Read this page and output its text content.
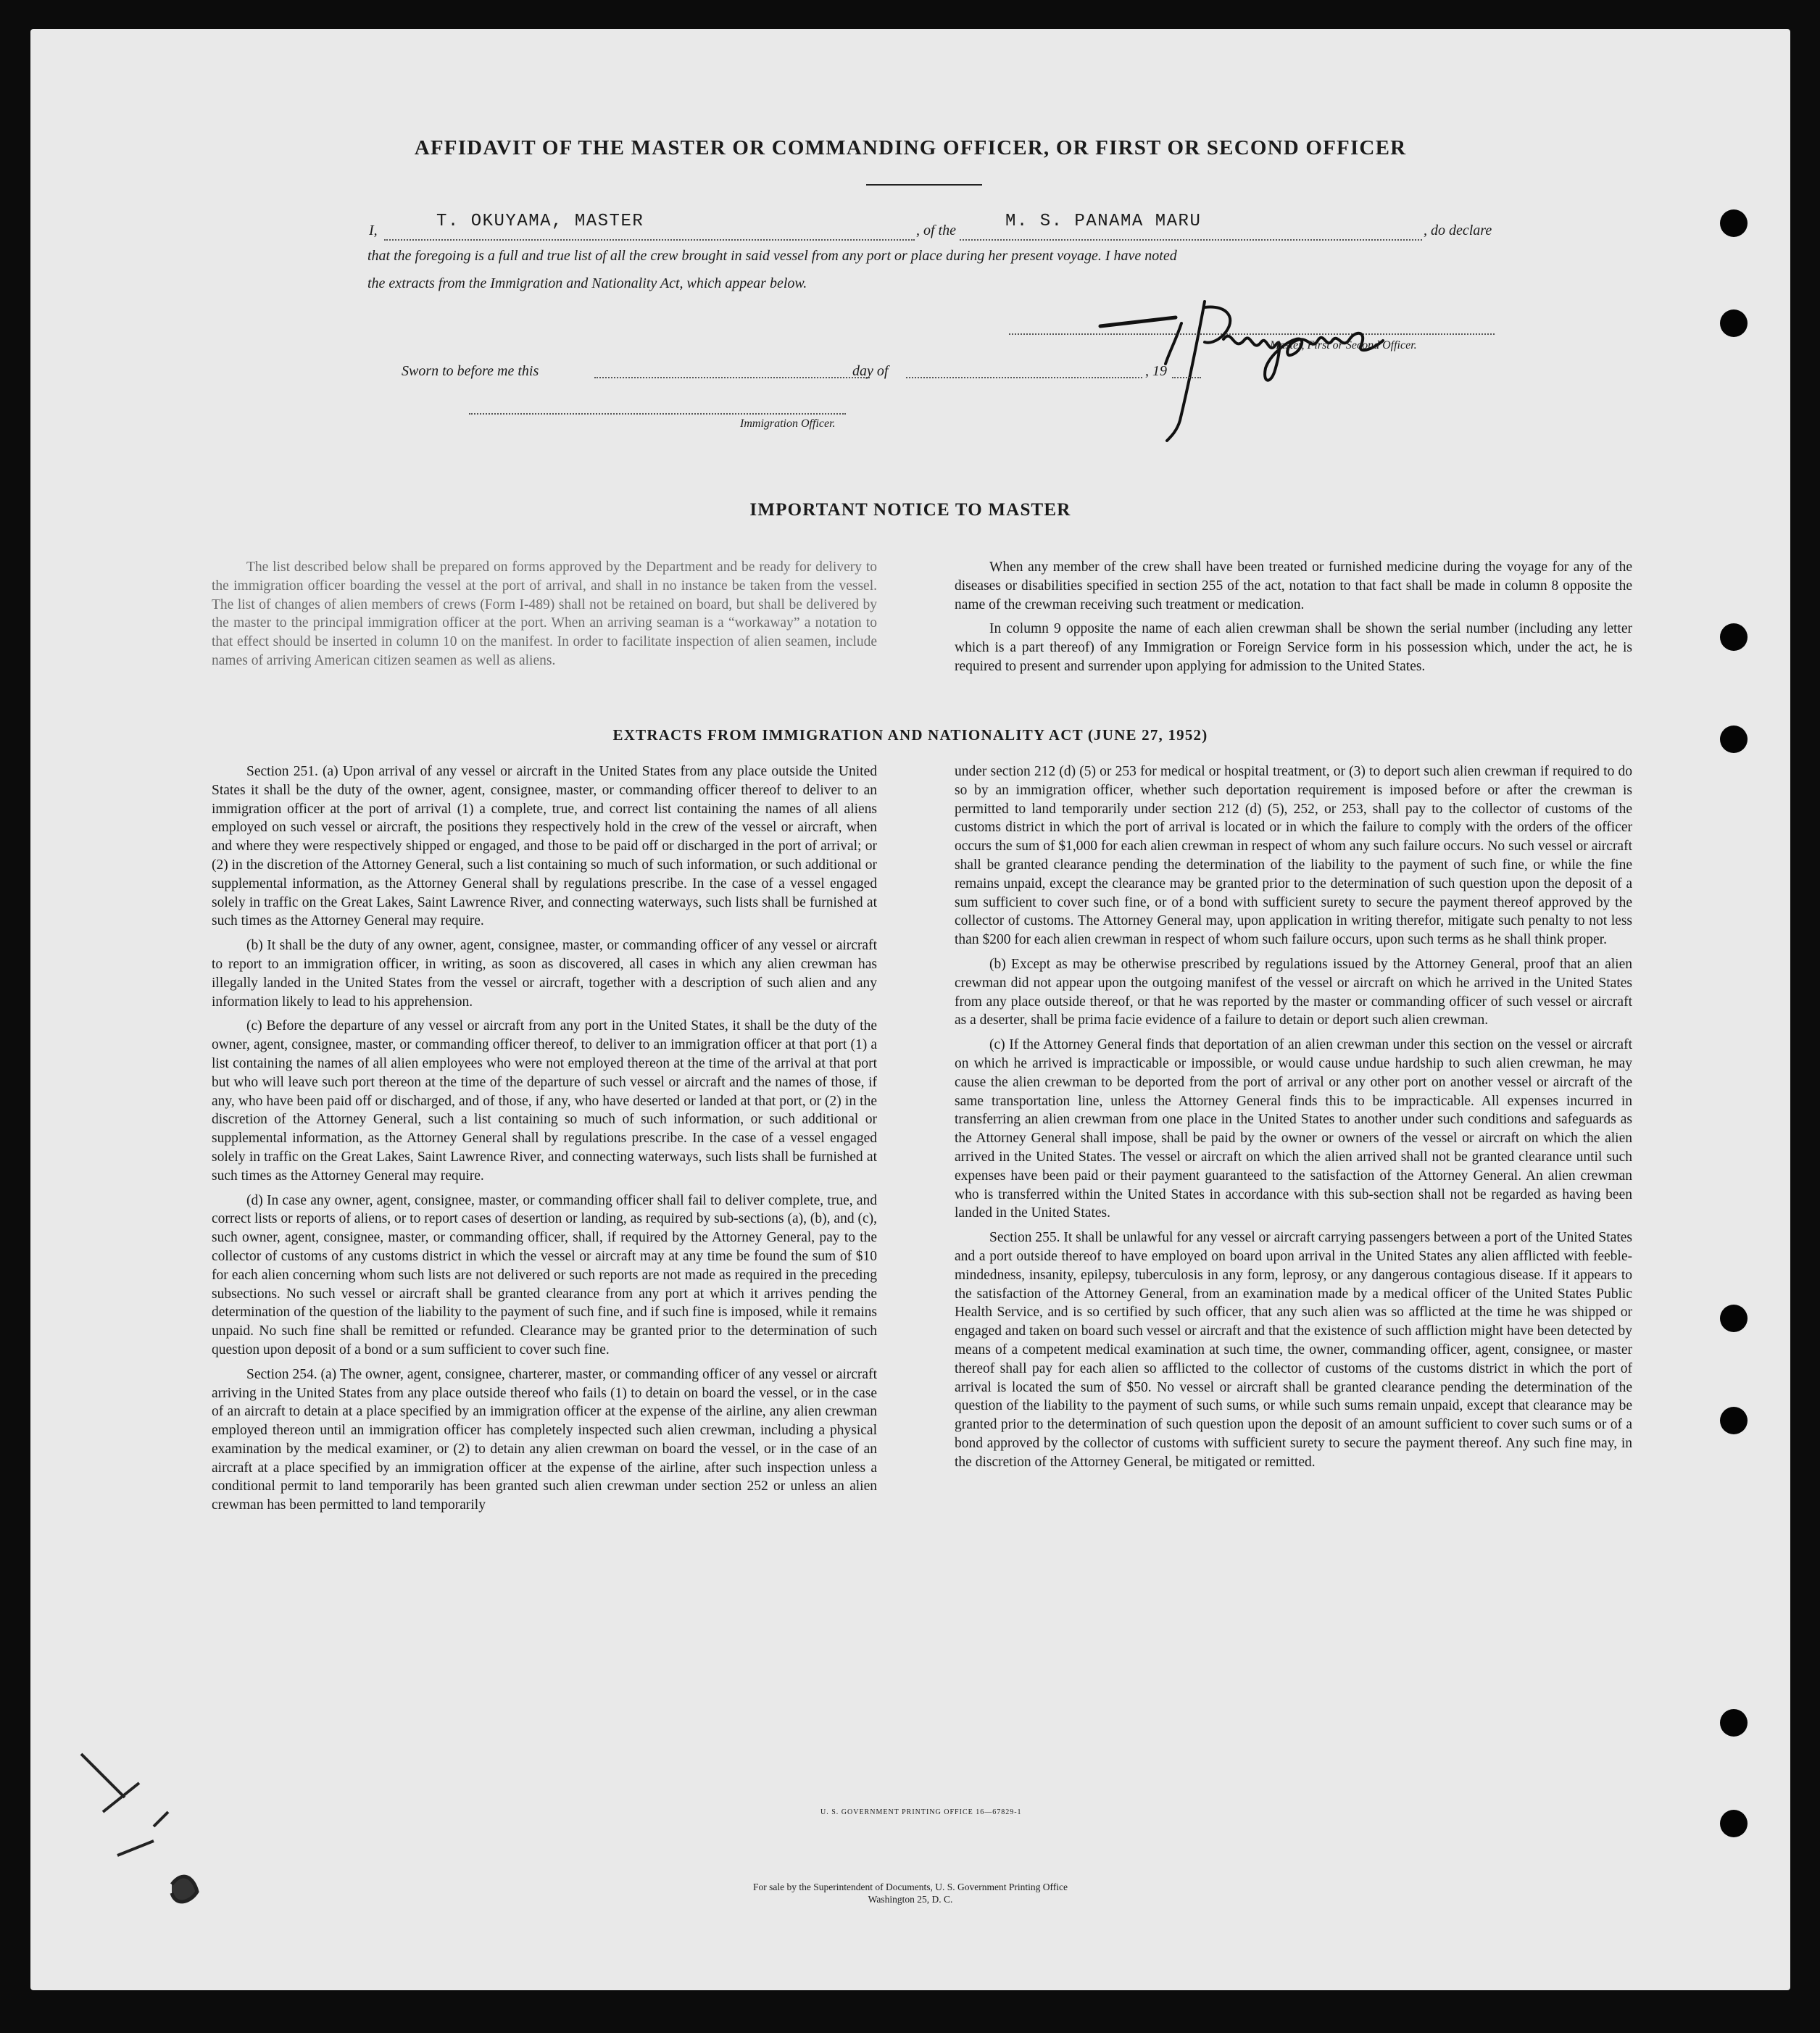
AFFIDAVIT OF THE MASTER OR COMMANDING OFFICER, OR FIRST OR SECOND OFFICER
I,	T. OKUYAMA, MASTER	, of the	M. S. PANAMA MARU	, do declare
that the foregoing is a full and true list of all the crew brought in said vessel from any port or place during her present voyage. I have noted
the extracts from the Immigration and Nationality Act, which appear below.
Master, First or Second Officer.
Sworn to before me this	day of	, 19
Immigration Officer.
IMPORTANT NOTICE TO MASTER

The list described below shall be prepared on forms approved by the Department and be ready for delivery to the immigration officer boarding the vessel at the port of arrival, and shall in no instance be taken from the vessel. The list of changes of alien members of crews (Form I-489) shall not be retained on board, but shall be delivered by the master to the principal immigration officer at the port. When an arriving seaman is a “workaway” a notation to that effect should be inserted in column 10 on the manifest. In order to facilitate inspection of alien seamen, include names of arriving American citizen seamen as well as aliens.

When any member of the crew shall have been treated or furnished medicine during the voyage for any of the diseases or disabilities specified in section 255 of the act, notation to that fact shall be made in column 8 opposite the name of the crewman receiving such treatment or medication.

In column 9 opposite the name of each alien crewman shall be shown the serial number (including any letter which is a part thereof) of any Immigration or Foreign Service form in his possession which, under the act, he is required to present and surrender upon applying for admission to the United States.

EXTRACTS FROM IMMIGRATION AND NATIONALITY ACT (JUNE 27, 1952)

Section 251. (a) Upon arrival of any vessel or aircraft in the United States from any place outside the United States it shall be the duty of the owner, agent, consignee, master, or commanding officer thereof to deliver to an immigration officer at the port of arrival (1) a complete, true, and correct list containing the names of all aliens employed on such vessel or aircraft, the positions they respectively hold in the crew of the vessel or aircraft, when and where they were respectively shipped or engaged, and those to be paid off or discharged in the port of arrival; or (2) in the discretion of the Attorney General, such a list containing so much of such information, or such additional or supplemental information, as the Attorney General shall by regulations prescribe. In the case of a vessel engaged solely in traffic on the Great Lakes, Saint Lawrence River, and connecting waterways, such lists shall be furnished at such times as the Attorney General may require.

(b) It shall be the duty of any owner, agent, consignee, master, or commanding officer of any vessel or aircraft to report to an immigration officer, in writing, as soon as discovered, all cases in which any alien crewman has illegally landed in the United States from the vessel or aircraft, together with a description of such alien and any information likely to lead to his apprehension.

(c) Before the departure of any vessel or aircraft from any port in the United States, it shall be the duty of the owner, agent, consignee, master, or commanding officer thereof, to deliver to an immigration officer at that port (1) a list containing the names of all alien employees who were not employed thereon at the time of the arrival at that port but who will leave such port thereon at the time of the departure of such vessel or aircraft and the names of those, if any, who have been paid off or discharged, and of those, if any, who have deserted or landed at that port, or (2) in the discretion of the Attorney General, such a list containing so much of such information, or such additional or supplemental information, as the Attorney General shall by regulations prescribe. In the case of a vessel engaged solely in traffic on the Great Lakes, Saint Lawrence River, and connecting waterways, such lists shall be furnished at such times as the Attorney General may require.

(d) In case any owner, agent, consignee, master, or commanding officer shall fail to deliver complete, true, and correct lists or reports of aliens, or to report cases of desertion or landing, as required by sub-sections (a), (b), and (c), such owner, agent, consignee, master, or commanding officer, shall, if required by the Attorney General, pay to the collector of customs of any customs district in which the vessel or aircraft may at any time be found the sum of $10 for each alien concerning whom such lists are not delivered or such reports are not made as required in the preceding subsections. No such vessel or aircraft shall be granted clearance from any port at which it arrives pending the determination of the question of the liability to the payment of such fine, and if such fine is imposed, while it remains unpaid. No such fine shall be remitted or refunded. Clearance may be granted prior to the determination of such question upon deposit of a bond or a sum sufficient to cover such fine.

Section 254. (a) The owner, agent, consignee, charterer, master, or commanding officer of any vessel or aircraft arriving in the United States from any place outside thereof who fails (1) to detain on board the vessel, or in the case of an aircraft to detain at a place specified by an immigration officer at the expense of the airline, any alien crewman employed thereon until an immigration officer has completely inspected such alien crewman, including a physical examination by the medical examiner, or (2) to detain any alien crewman on board the vessel, or in the case of an aircraft at a place specified by an immigration officer at the expense of the airline, after such inspection unless a conditional permit to land temporarily has been granted such alien crewman under section 252 or unless an alien crewman has been permitted to land temporarily

under section 212 (d) (5) or 253 for medical or hospital treatment, or (3) to deport such alien crewman if required to do so by an immigration officer, whether such deportation requirement is imposed before or after the crewman is permitted to land temporarily under section 212 (d) (5), 252, or 253, shall pay to the collector of customs of the customs district in which the port of arrival is located or in which the failure to comply with the orders of the officer occurs the sum of $1,000 for each alien crewman in respect of whom any such failure occurs. No such vessel or aircraft shall be granted clearance pending the determination of the liability to the payment of such fine, or while the fine remains unpaid, except the clearance may be granted prior to the determination of such question upon the deposit of a sum sufficient to cover such fine, or of a bond with sufficient surety to secure the payment thereof approved by the collector of customs. The Attorney General may, upon application in writing therefor, mitigate such penalty to not less than $200 for each alien crewman in respect of whom such failure occurs, upon such terms as he shall think proper.

(b) Except as may be otherwise prescribed by regulations issued by the Attorney General, proof that an alien crewman did not appear upon the outgoing manifest of the vessel or aircraft on which he arrived in the United States from any place outside thereof, or that he was reported by the master or commanding officer of such vessel or aircraft as a deserter, shall be prima facie evidence of a failure to detain or deport such alien crewman.

(c) If the Attorney General finds that deportation of an alien crewman under this section on the vessel or aircraft on which he arrived is impracticable or impossible, or would cause undue hardship to such alien crewman, he may cause the alien crewman to be deported from the port of arrival or any other port on another vessel or aircraft of the same transportation line, unless the Attorney General finds this to be impracticable. All expenses incurred in transferring an alien crewman from one place in the United States to another under such conditions and safeguards as the Attorney General shall impose, shall be paid by the owner or owners of the vessel or aircraft on which the alien arrived in the United States. The vessel or aircraft on which the alien arrived shall not be granted clearance until such expenses have been paid or their payment guaranteed to the satisfaction of the Attorney General. An alien crewman who is transferred within the United States in accordance with this sub-section shall not be regarded as having been landed in the United States.

Section 255. It shall be unlawful for any vessel or aircraft carrying passengers between a port of the United States and a port outside thereof to have employed on board upon arrival in the United States any alien afflicted with feeble-mindedness, insanity, epilepsy, tuberculosis in any form, leprosy, or any dangerous contagious disease. If it appears to the satisfaction of the Attorney General, from an examination made by a medical officer of the United States Public Health Service, and is so certified by such officer, that any such alien was so afflicted at the time he was shipped or engaged and taken on board such vessel or aircraft and that the existence of such affliction might have been detected by means of a competent medical examination at such time, the owner, commanding officer, agent, consignee, or master thereof shall pay for each alien so afflicted to the collector of customs of the customs district in which the port of arrival is located the sum of $50. No vessel or aircraft shall be granted clearance pending the determination of the question of the liability to the payment of such sums, or while such sums remain unpaid, except that clearance may be granted prior to the determination of such question upon the deposit of an amount sufficient to cover such sums or of a bond approved by the collector of customs with sufficient surety to secure the payment thereof. Any such fine may, in the discretion of the Attorney General, be mitigated or remitted.

U. S. GOVERNMENT PRINTING OFFICE 16—67829-1
For sale by the Superintendent of Documents, U. S. Government Printing Office
Washington 25, D. C.
